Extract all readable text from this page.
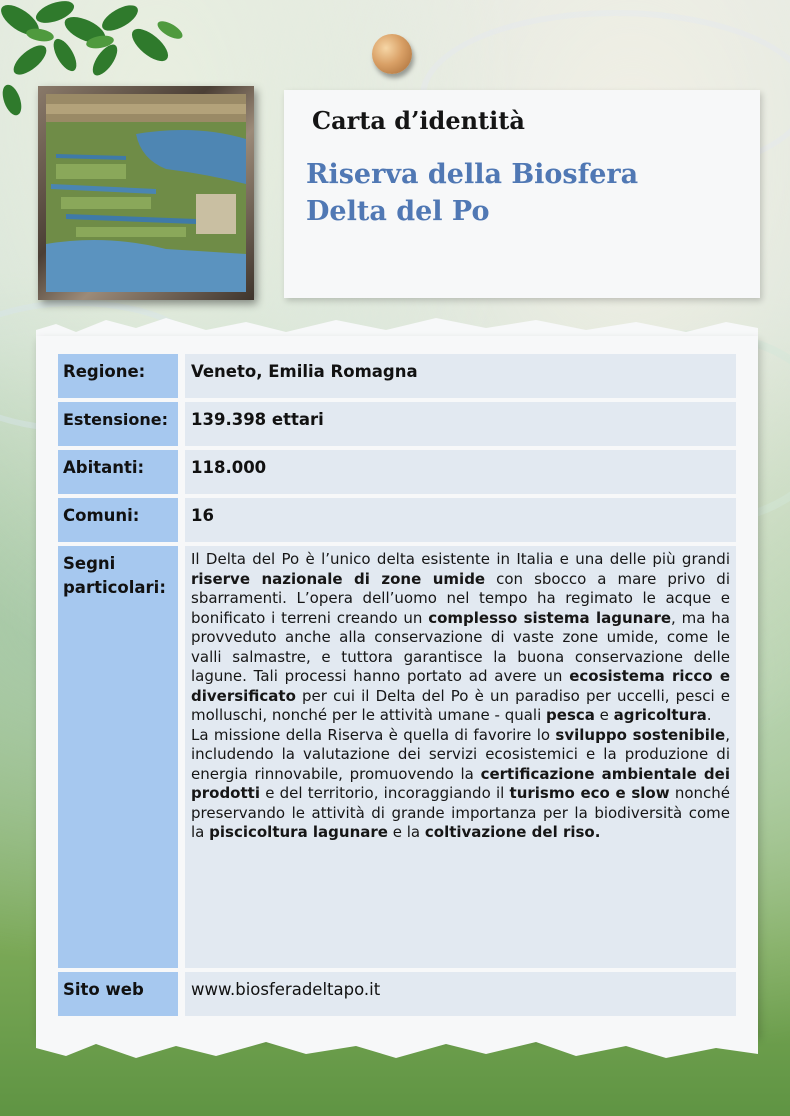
Carta d’identità
Riserva della Biosfera
Delta del Po
Regione:	Veneto, Emilia Romagna
Estensione:	139.398 ettari
Abitanti:	118.000
Comuni:	16
Segni
particolari:

Il Delta del Po è l’unico delta esistente in Italia e una delle più grandi riserve nazionale di zone umide con sbocco a mare privo di sbarramenti. L’opera dell’uomo nel tempo ha regimato le acque e bonificato i terreni creando un complesso sistema lagunare, ma ha provveduto anche alla conservazione di vaste zone umide, come le valli salmastre, e tuttora garantisce la buona conservazione delle lagune. Tali processi hanno portato ad avere un ecosistema ricco e diversificato per cui il Delta del Po è un paradiso per uccelli, pesci e molluschi, nonché per le attività umane - quali pesca e agricoltura.

La missione della Riserva è quella di favorire lo sviluppo sostenibile, includendo la valutazione dei servizi ecosistemici e la produzione di energia rinnovabile, promuovendo la certificazione ambientale dei prodotti e del territorio, incoraggiando il turismo eco e slow nonché preservando le attività di grande importanza per la biodiversità come la piscicoltura lagunare e la coltivazione del riso.

Sito web	www.biosferadeltapo.it
